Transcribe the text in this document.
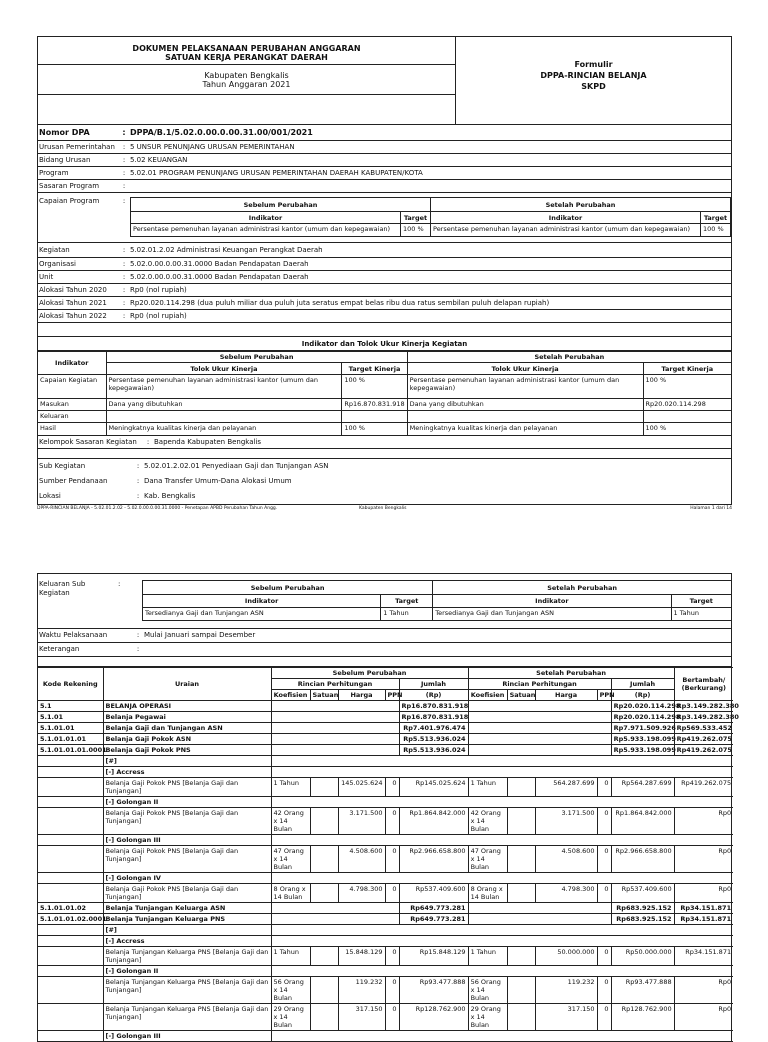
DOKUMEN PELAKSANAAN PERUBAHAN ANGGARAN
SATUAN KERJA PERANGKAT DAERAH
Kabupaten Bengkalis
Tahun Anggaran 2021
Formulir
DPPA-RINCIAN BELANJA
SKPD
Nomor DPA	: DPPA/B.1/5.02.0.00.0.00.31.00/001/2021
Urusan Pemerintahan	: 5 UNSUR PENUNJANG URUSAN PEMERINTAHAN
Bidang Urusan	: 5.02 KEUANGAN
Program	: 5.02.01 PROGRAM PENUNJANG URUSAN PEMERINTAHAN DAERAH KABUPATEN/KOTA
Sasaran Program	:
Capaian Program	:	Sebelum Perubahan		Setelah Perubahan	
Indikator	Target	Indikator	Target
Persentase pemenuhan layanan administrasi kantor (umum dan kepegawaian)	100 %	Persentase pemenuhan layanan administrasi kantor (umum dan kepegawaian)	100 %
Kegiatan	: 5.02.01.2.02 Administrasi Keuangan Perangkat Daerah
Organisasi	: 5.02.0.00.0.00.31.0000 Badan Pendapatan Daerah
Unit	: 5.02.0.00.0.00.31.0000 Badan Pendapatan Daerah
Alokasi Tahun 2020	: Rp0 (nol rupiah)
Alokasi Tahun 2021	: Rp20.020.114.298 (dua puluh miliar dua puluh juta seratus empat belas ribu dua ratus sembilan puluh delapan rupiah)
Alokasi Tahun 2022	: Rp0 (nol rupiah)
Indikator dan Tolok Ukur Kinerja Kegiatan
Indikator	Sebelum Perubahan		Setelah Perubahan	
	Tolok Ukur Kinerja	Target Kinerja	Tolok Ukur Kinerja	Target Kinerja
Capaian Kegiatan	Persentase pemenuhan layanan administrasi kantor (umum dan kepegawaian)	100 %	Persentase pemenuhan layanan administrasi kantor (umum dan kepegawaian)	100 %
Masukan	Dana yang dibutuhkan	Rp16.870.831.918	Dana yang dibutuhkan	Rp20.020.114.298
Keluaran				
Hasil	Meningkatnya kualitas kinerja dan pelayanan	100 %	Meningkatnya kualitas kinerja dan pelayanan	100 %
Kelompok Sasaran Kegiatan	: Bapenda Kabupaten Bengkalis
Sub Kegiatan	: 5.02.01.2.02.01 Penyediaan Gaji dan Tunjangan ASN
Sumber Pendanaan	: Dana Transfer Umum-Dana Alokasi Umum
Lokasi	: Kab. Bengkalis
DPPA-RINCIAN BELANJA - 5.02.01.2.02 - 5.02.0.00.0.00.31.0000 - Penetapan APBD Perubahan Tahun Angg.	Kabupaten Bengkalis	Halaman 1 dari 14
Keluaran Sub Kegiatan
:	Sebelum Perubahan		Setelah Perubahan	
Indikator	Target	Indikator	Target
Tersedianya Gaji dan Tunjangan ASN	1 Tahun	Tersedianya Gaji dan Tunjangan ASN	1 Tahun
Waktu Pelaksanaan	: Mulai Januari sampai Desember
Keterangan	:
Kode Rekening	Uraian	Sebelum Perubahan					Setelah Perubahan					Bertambah/ (Berkurang)
		Rincian Perhitungan				Jumlah	Rincian Perhitungan				Jumlah	
		Koefisien	Satuan	Harga	PPN	(Rp)	Koefisien	Satuan	Harga	PPN	(Rp)	
5.1	BELANJA OPERASI					Rp16.870.831.918					Rp20.020.114.298	Rp3.149.282.380
5.1.01	Belanja Pegawai					Rp16.870.831.918					Rp20.020.114.298	Rp3.149.282.380
5.1.01.01	Belanja Gaji dan Tunjangan ASN					Rp7.401.976.474					Rp7.971.509.926	Rp569.533.452
5.1.01.01.01	Belanja Gaji Pokok ASN					Rp5.513.936.024					Rp5.933.198.099	Rp419.262.075
5.1.01.01.01.0001	Belanja Gaji Pokok PNS					Rp5.513.936.024					Rp5.933.198.099	Rp419.262.075
	[#]											
	[-] Accress											
	Belanja Gaji Pokok PNS [Belanja Gaji dan Tunjangan]	1 Tahun		145.025.624	0	Rp145.025.624	1 Tahun		564.287.699	0	Rp564.287.699	Rp419.262.075
	[-] Golongan II											
	Belanja Gaji Pokok PNS [Belanja Gaji dan Tunjangan]	42 Orang x 14 Bulan		3.171.500	0	Rp1.864.842.000	42 Orang x 14 Bulan		3.171.500	0	Rp1.864.842.000	Rp0
	[-] Golongan III											
	Belanja Gaji Pokok PNS [Belanja Gaji dan Tunjangan]	47 Orang x 14 Bulan		4.508.600	0	Rp2.966.658.800	47 Orang x 14 Bulan		4.508.600	0	Rp2.966.658.800	Rp0
	[-] Golongan IV											
	Belanja Gaji Pokok PNS [Belanja Gaji dan Tunjangan]	8 Orang x 14 Bulan		4.798.300	0	Rp537.409.600	8 Orang x 14 Bulan		4.798.300	0	Rp537.409.600	Rp0
5.1.01.01.02	Belanja Tunjangan Keluarga ASN					Rp649.773.281					Rp683.925.152	Rp34.151.871
5.1.01.01.02.0001	Belanja Tunjangan Keluarga PNS					Rp649.773.281					Rp683.925.152	Rp34.151.871
	[#]											
	[-] Accress											
	Belanja Tunjangan Keluarga PNS [Belanja Gaji dan Tunjangan]	1 Tahun		15.848.129	0	Rp15.848.129	1 Tahun		50.000.000	0	Rp50.000.000	Rp34.151.871
	[-] Golongan II											
	Belanja Tunjangan Keluarga PNS [Belanja Gaji dan Tunjangan]	56 Orang x 14 Bulan		119.232	0	Rp93.477.888	56 Orang x 14 Bulan		119.232	0	Rp93.477.888	Rp0
	Belanja Tunjangan Keluarga PNS [Belanja Gaji dan Tunjangan]	29 Orang x 14 Bulan		317.150	0	Rp128.762.900	29 Orang x 14 Bulan		317.150	0	Rp128.762.900	Rp0
	[-] Golongan III											
